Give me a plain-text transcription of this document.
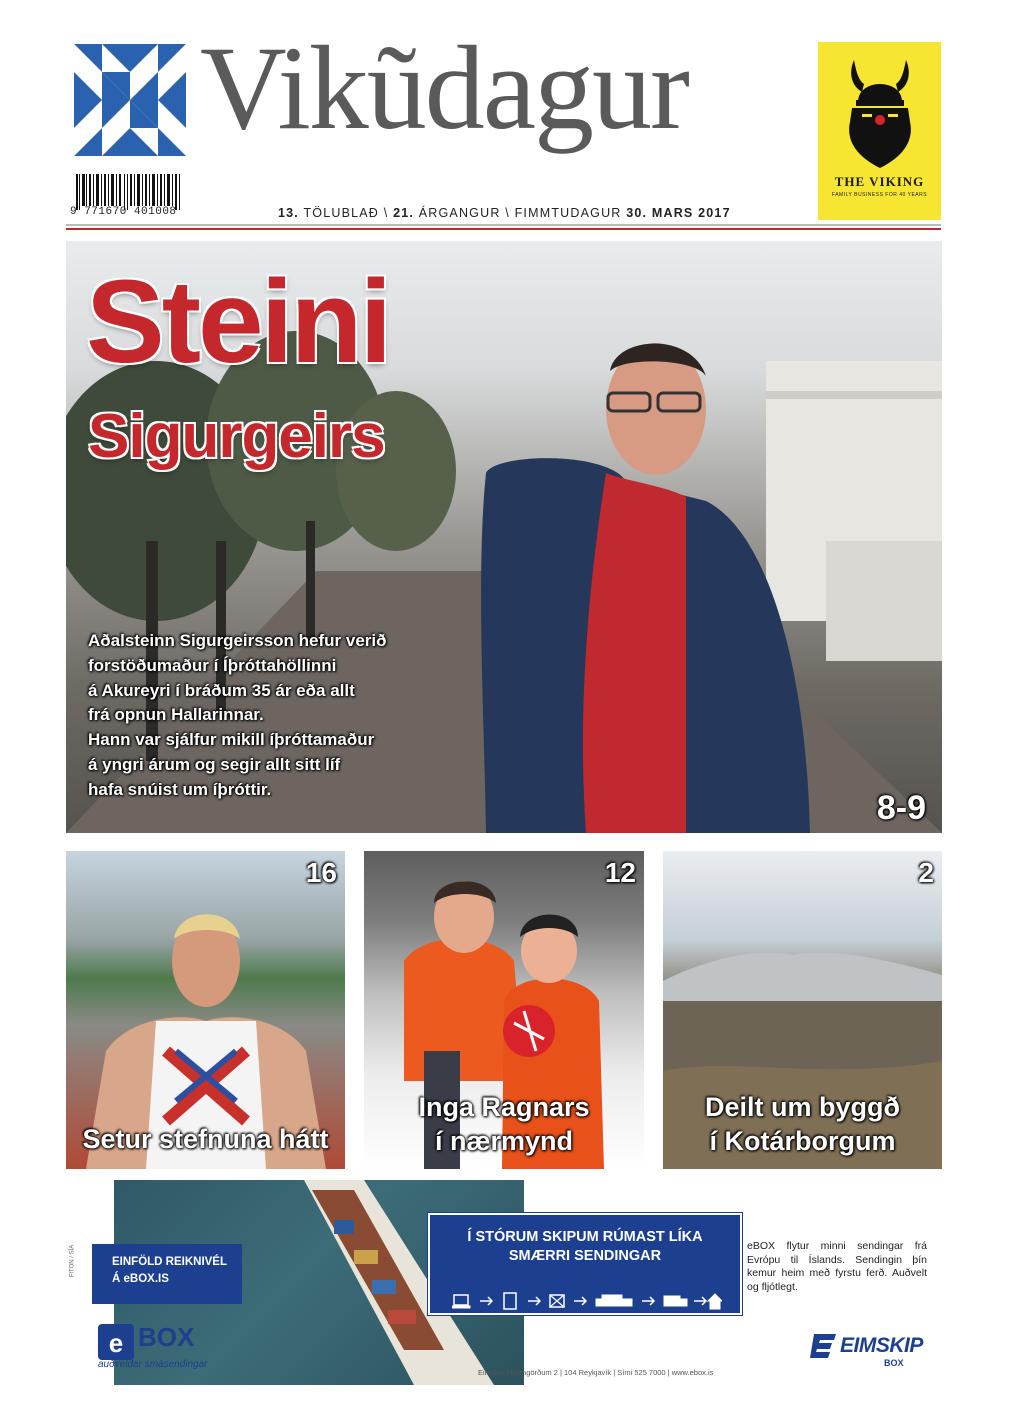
Vikũdagur
9 771670 401008	13. TÖLUBLAÐ \ 21. ÁRGANGUR \ FIMMTUDAGUR 30. MARS 2017
THE VIKING
FAMILY BUSINESS FOR 40 YEARS
Steini
Sigurgeirs
Aðalsteinn Sigurgeirsson hefur verið
forstöðumaður í Íþróttahöllinni
á Akureyri í bráðum 35 ár eða allt
frá opnun Hallarinnar.
Hann var sjálfur mikill íþróttamaður
á yngri árum og segir allt sitt líf
hafa snúist um íþróttir.	8-9
16
Setur stefnuna hátt
12
Inga Ragnars
í nærmynd
2
Deilt um byggð
í Kotárborgum
FITON / SÍA	EINFÖLD REIKNIVÉL
Á eBOX.IS
e BOX
auðveldar smásendingar
Í STÓRUM SKIPUM RÚMAST LÍKA
SMÆRRI SENDINGAR
eBOX flytur minni sendingar frá Evrópu til Íslands. Sendingin þín kemur heim með fyrstu ferð. Auðvelt og fljótlegt.
Eimskip | Korngörðum 2 | 104 Reykjavík | Sími 525 7000 | www.ebox.is
EIMSKIP
BOX
